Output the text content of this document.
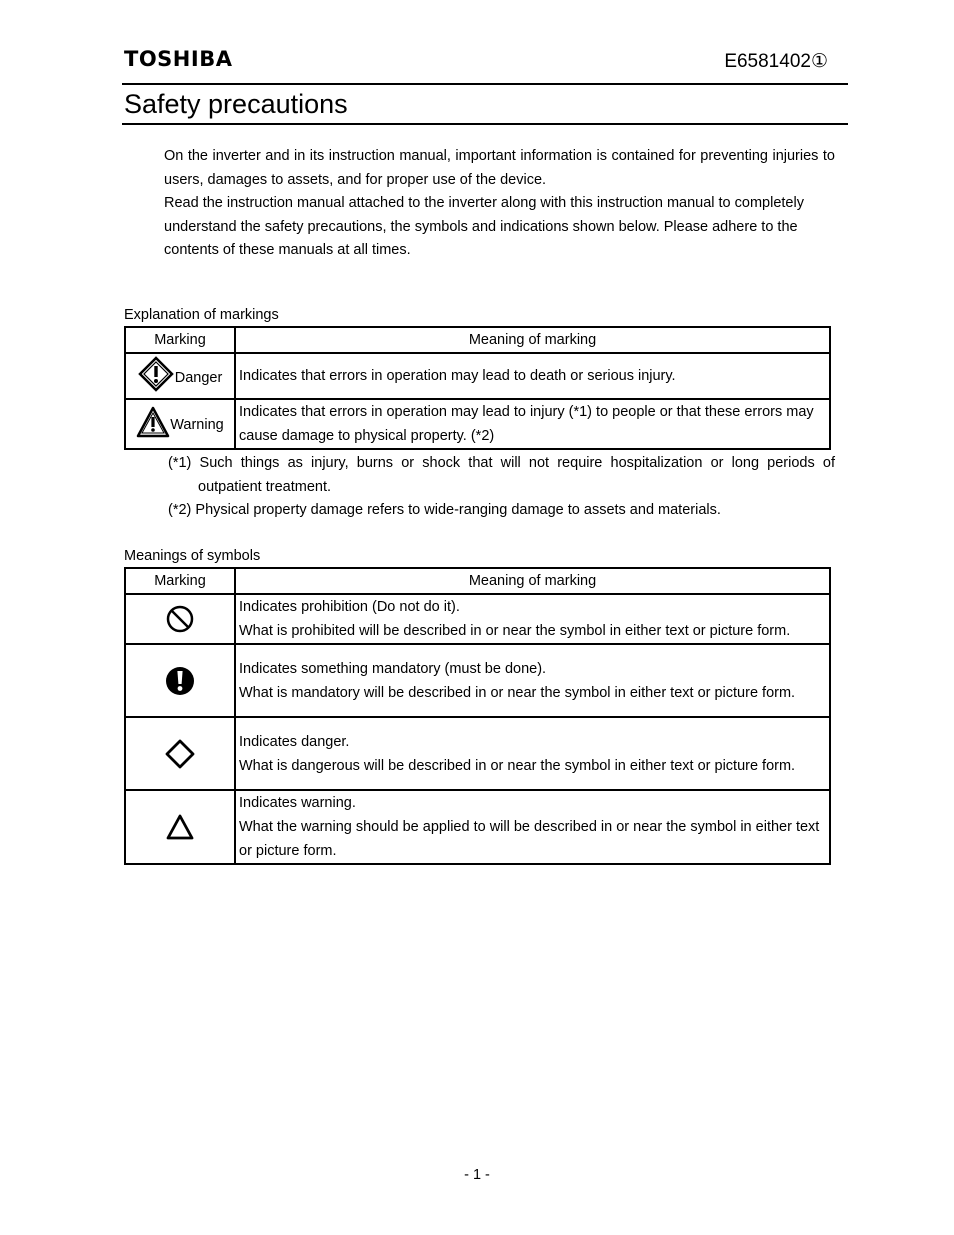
TOSHIBA	E6581402①
Safety precautions

On the inverter and in its instruction manual, important information is contained for preventing injuries to users, damages to assets, and for proper use of the device.

Read the instruction manual attached to the inverter along with this instruction manual to completely understand the safety precautions, the symbols and indications shown below. Please adhere to the contents of these manuals at all times.

Explanation of markings
Marking	Meaning of marking

Danger	Indicates that errors in operation may lead to death or serious injury.

Warning	Indicates that errors in operation may lead to injury (*1) to people or that these errors may cause damage to physical property. (*2)

(*1) Such things as injury, burns or shock that will not require hospitalization or long periods of outpatient treatment.

(*2) Physical property damage refers to wide-ranging damage to assets and materials.

Meanings of symbols
Marking	Meaning of marking

Indicates prohibition (Do not do it).
What is prohibited will be described in or near the symbol in either text or picture form.

Indicates something mandatory (must be done).
What is mandatory will be described in or near the symbol in either text or picture form.

Indicates danger.
What is dangerous will be described in or near the symbol in either text or picture form.

Indicates warning.
What the warning should be applied to will be described in or near the symbol in either text or picture form.
- 1 -
